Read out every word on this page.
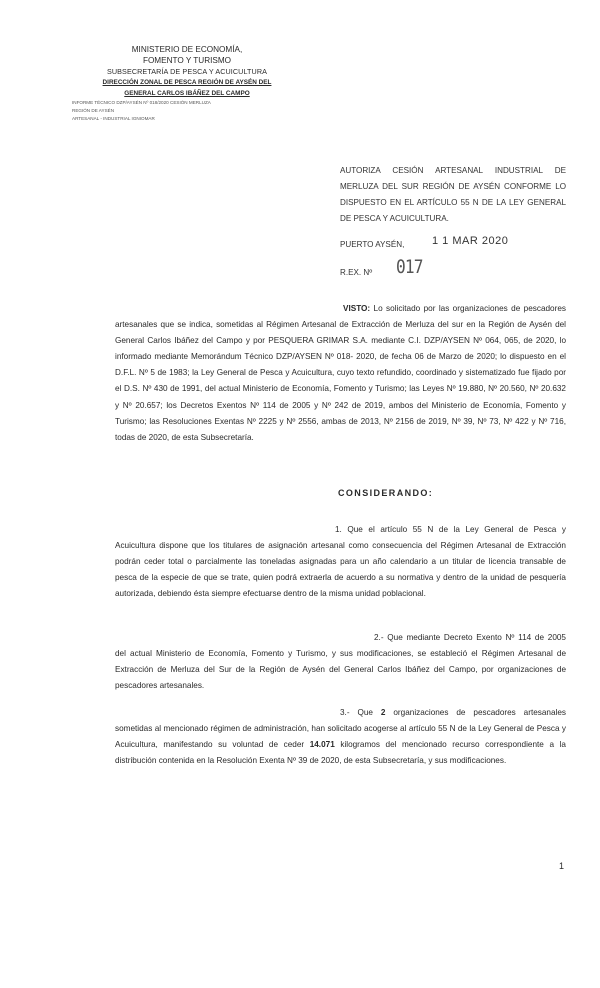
MINISTERIO DE ECONOMÍA,
FOMENTO Y TURISMO
SUBSECRETARÍA DE PESCA Y ACUICULTURA
DIRECCIÓN ZONAL DE PESCA REGIÓN DE AYSÉN DEL
GENERAL CARLOS IBÁÑEZ DEL CAMPO
INFORME TÉCNICO DZP/AYSÉN Nº 018/2020 CESIÓN MERLUZA
REGIÓN DE AYSÉN
ARTESANAL - INDUSTRIAL IGNIOMAR
AUTORIZA CESIÓN ARTESANAL INDUSTRIAL DE MERLUZA DEL SUR REGIÓN DE AYSÉN CONFORME LO DISPUESTO EN EL ARTÍCULO 55 N DE LA LEY GENERAL DE PESCA Y ACUICULTURA.
PUERTO AYSÉN,	1 1 MAR 2020
R.EX. Nº 017

VISTO: Lo solicitado por las organizaciones de pescadores artesanales que se indica, sometidas al Régimen Artesanal de Extracción de Merluza del sur en la Región de Aysén del General Carlos Ibáñez del Campo y por PESQUERA GRIMAR S.A. mediante C.I. DZP/AYSEN Nº 064, 065, de 2020, lo informado mediante Memorándum Técnico DZP/AYSEN Nº 018- 2020, de fecha 06 de Marzo de 2020; lo dispuesto en el D.F.L. Nº 5 de 1983; la Ley General de Pesca y Acuicultura, cuyo texto refundido, coordinado y sistematizado fue fijado por el D.S. Nº 430 de 1991, del actual Ministerio de Economía, Fomento y Turismo; las Leyes Nº 19.880, Nº 20.560, Nº 20.632 y Nº 20.657; los Decretos Exentos Nº 114 de 2005 y Nº 242 de 2019, ambos del Ministerio de Economía, Fomento y Turismo; las Resoluciones Exentas Nº 2225 y Nº 2556, ambas de 2013, Nº 2156 de 2019, Nº 39, Nº 73, Nº 422 y Nº 716, todas de 2020, de esta Subsecretaría.

CONSIDERANDO:

1. Que el artículo 55 N de la Ley General de Pesca y Acuicultura dispone que los titulares de asignación artesanal como consecuencia del Régimen Artesanal de Extracción podrán ceder total o parcialmente las toneladas asignadas para un año calendario a un titular de licencia transable de pesca de la especie de que se trate, quien podrá extraerla de acuerdo a su normativa y dentro de la unidad de pesquería autorizada, debiendo ésta siempre efectuarse dentro de la misma unidad poblacional.

2.- Que mediante Decreto Exento Nº 114 de 2005 del actual Ministerio de Economía, Fomento y Turismo, y sus modificaciones, se estableció el Régimen Artesanal de Extracción de Merluza del Sur de la Región de Aysén del General Carlos Ibáñez del Campo, por organizaciones de pescadores artesanales.

3.- Que 2 organizaciones de pescadores artesanales sometidas al mencionado régimen de administración, han solicitado acogerse al artículo 55 N de la Ley General de Pesca y Acuicultura, manifestando su voluntad de ceder 14.071 kilogramos del mencionado recurso correspondiente a la distribución contenida en la Resolución Exenta Nº 39 de 2020, de esta Subsecretaría, y sus modificaciones.

1
